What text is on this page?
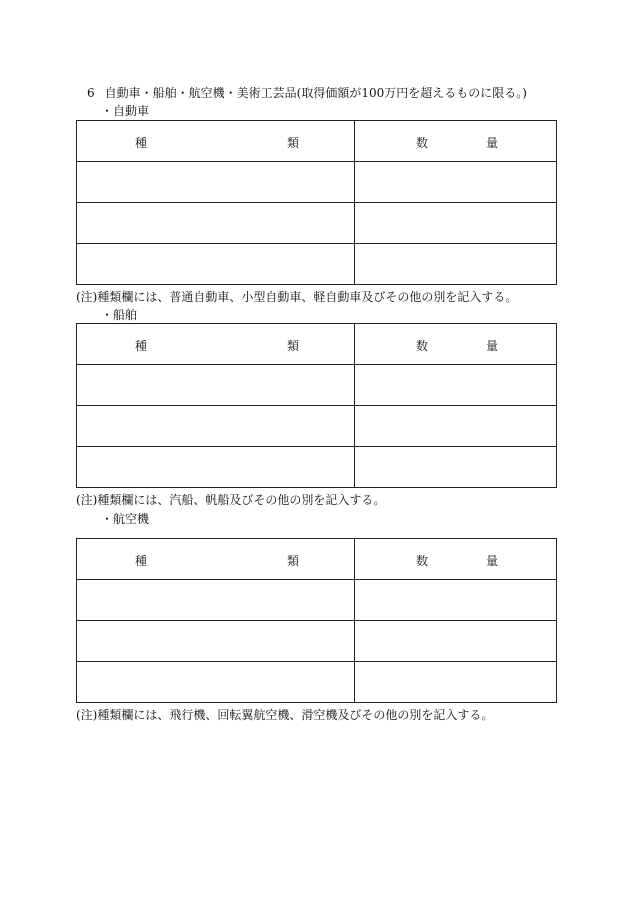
6 自動車・船舶・航空機・美術工芸品(取得価額が100万円を超えるものに限る。)
・自動車
種 類	数 量

(注)種類欄には、普通自動車、小型自動車、軽自動車及びその他の別を記入する。
・船舶
種 類	数 量

(注)種類欄には、汽船、帆船及びその他の別を記入する。
・航空機
種 類	数 量

(注)種類欄には、飛行機、回転翼航空機、滑空機及びその他の別を記入する。
